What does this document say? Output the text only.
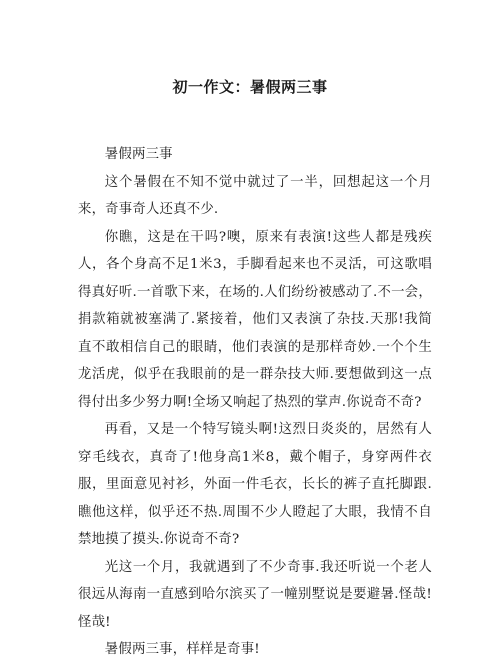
初一作文：暑假两三事

暑假两三事

这个暑假在不知不觉中就过了一半，回想起这一个月来，奇事奇人还真不少.

你瞧，这是在干吗?噢，原来有表演!这些人都是残疾人，各个身高不足1米3，手脚看起来也不灵活，可这歌唱得真好听.一首歌下来，在场的.人们纷纷被感动了.不一会，捐款箱就被塞满了.紧接着，他们又表演了杂技.天那!我简直不敢相信自己的眼睛，他们表演的是那样奇妙.一个个生龙活虎，似乎在我眼前的是一群杂技大师.要想做到这一点得付出多少努力啊!全场又响起了热烈的掌声.你说奇不奇?

再看，又是一个特写镜头啊!这烈日炎炎的，居然有人穿毛线衣，真奇了!他身高1米8，戴个帽子，身穿两件衣服，里面意见衬衫，外面一件毛衣，长长的裤子直托脚跟.瞧他这样，似乎还不热.周围不少人瞪起了大眼，我情不自禁地摸了摸头.你说奇不奇?

光这一个月，我就遇到了不少奇事.我还听说一个老人很远从海南一直感到哈尔滨买了一幢别墅说是要避暑.怪哉!怪哉!

暑假两三事，样样是奇事!
